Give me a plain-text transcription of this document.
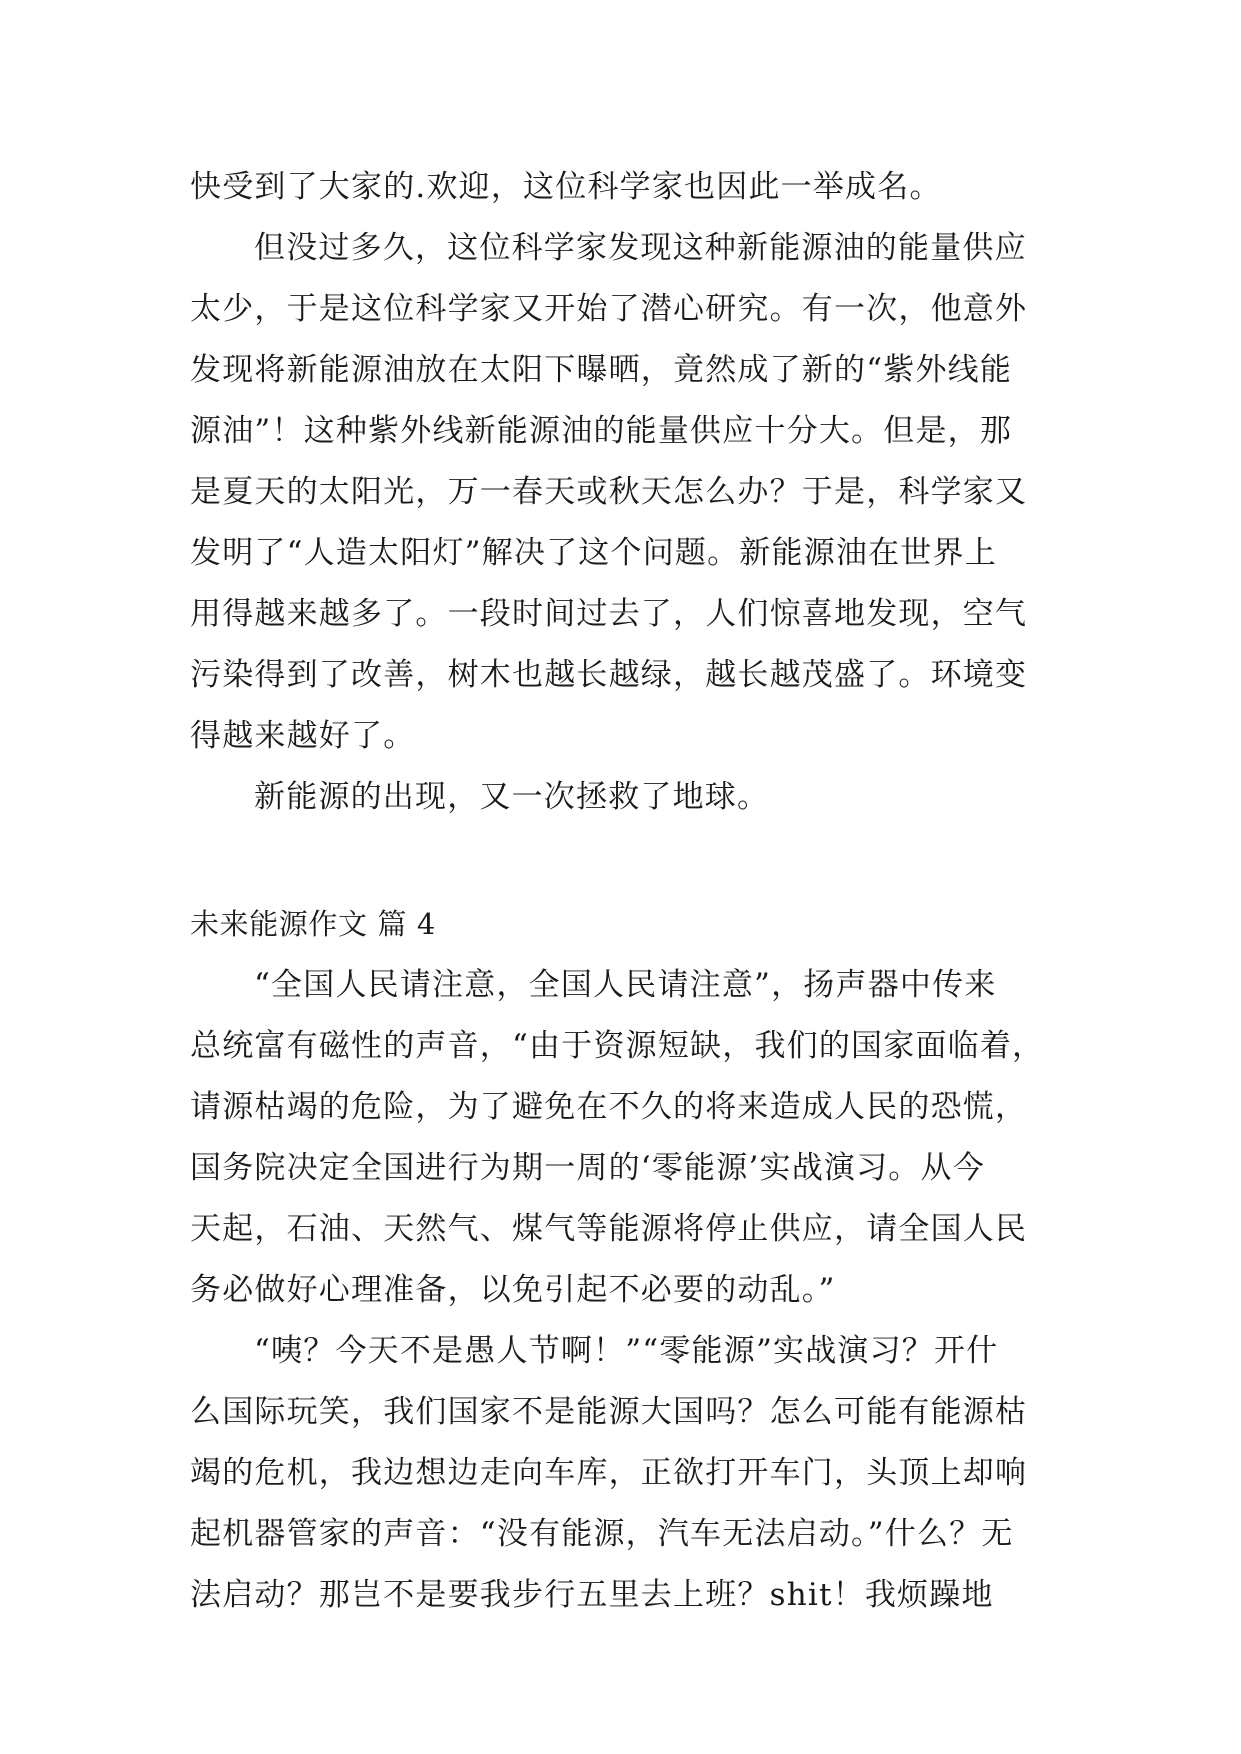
快受到了大家的.欢迎，这位科学家也因此一举成名。
但没过多久，这位科学家发现这种新能源油的能量供应
太少，于是这位科学家又开始了潜心研究。有一次，他意外
发现将新能源油放在太阳下曝晒，竟然成了新的“紫外线能
源油”！这种紫外线新能源油的能量供应十分大。但是，那
是夏天的太阳光，万一春天或秋天怎么办？于是，科学家又
发明了“人造太阳灯”解决了这个问题。新能源油在世界上
用得越来越多了。一段时间过去了，人们惊喜地发现，空气
污染得到了改善，树木也越长越绿，越长越茂盛了。环境变
得越来越好了。
新能源的出现，又一次拯救了地球。
未来能源作文 篇 4
“全国人民请注意，全国人民请注意”，扬声器中传来
总统富有磁性的声音，“由于资源短缺，我们的国家面临着，
请源枯竭的危险，为了避免在不久的将来造成人民的恐慌，
国务院决定全国进行为期一周的‘零能源’实战演习。从今
天起，石油、天然气、煤气等能源将停止供应，请全国人民
务必做好心理准备，以免引起不必要的动乱。”
“咦？今天不是愚人节啊！”“零能源”实战演习？开什
么国际玩笑，我们国家不是能源大国吗？怎么可能有能源枯
竭的危机，我边想边走向车库，正欲打开车门，头顶上却响
起机器管家的声音：“没有能源，汽车无法启动。”什么？无
法启动？那岂不是要我步行五里去上班？shit！我烦躁地
